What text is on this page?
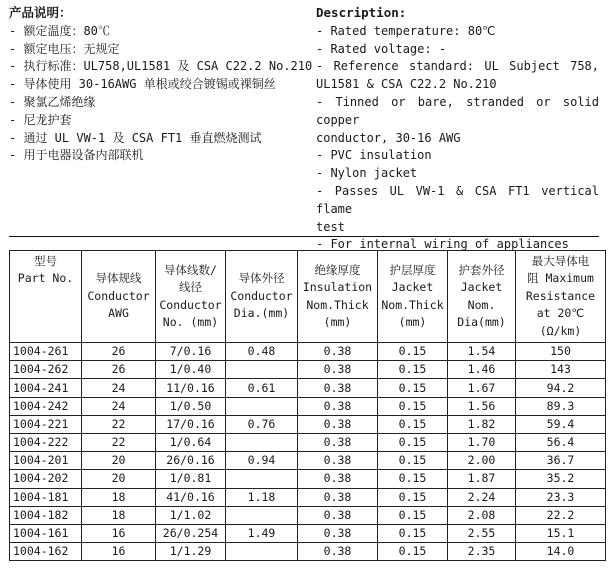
产品说明：
- 额定温度：80℃
- 额定电压：无规定
- 执行标准：UL758,UL1581 及 CSA C22.2 No.210
- 导体使用 30-16AWG 单根或绞合镀锡或裸铜丝
- 聚氯乙烯绝缘
- 尼龙护套
- 通过 UL VW-1 及 CSA FT1 垂直燃烧测试
- 用于电器设备内部联机
Description:
- Rated temperature: 80℃
- Rated voltage: -
- Reference standard: UL Subject 758,
UL1581 & CSA C22.2 No.210
- Tinned or bare, stranded or solid copper
conductor, 30-16 AWG
- PVC insulation
- Nylon jacket
- Passes UL VW-1 & CSA FT1 vertical flame
test
- For internal wiring of appliances
型号
Part No.	导体规线
Conductor
AWG	导体线数/
线径
Conductor
No. (mm)	导体外径
Conductor
Dia.(mm)	绝缘厚度
Insulation
Nom.Thick
(mm)	护层厚度
Jacket
Nom.Thick
(mm)	护套外径
Jacket
Nom.
Dia(mm)	最大导体电
阻 Maximum
Resistance
at 20℃
(Ω/km)

1004-261	26	7/0.16	0.48	0.38	0.15	1.54	150
1004-262	26	1/0.40		0.38	0.15	1.46	143
1004-241	24	11/0.16	0.61	0.38	0.15	1.67	94.2
1004-242	24	1/0.50		0.38	0.15	1.56	89.3
1004-221	22	17/0.16	0.76	0.38	0.15	1.82	59.4
1004-222	22	1/0.64		0.38	0.15	1.70	56.4
1004-201	20	26/0.16	0.94	0.38	0.15	2.00	36.7
1004-202	20	1/0.81		0.38	0.15	1.87	35.2
1004-181	18	41/0.16	1.18	0.38	0.15	2.24	23.3
1004-182	18	1/1.02		0.38	0.15	2.08	22.2
1004-161	16	26/0.254	1.49	0.38	0.15	2.55	15.1
1004-162	16	1/1.29		0.38	0.15	2.35	14.0
